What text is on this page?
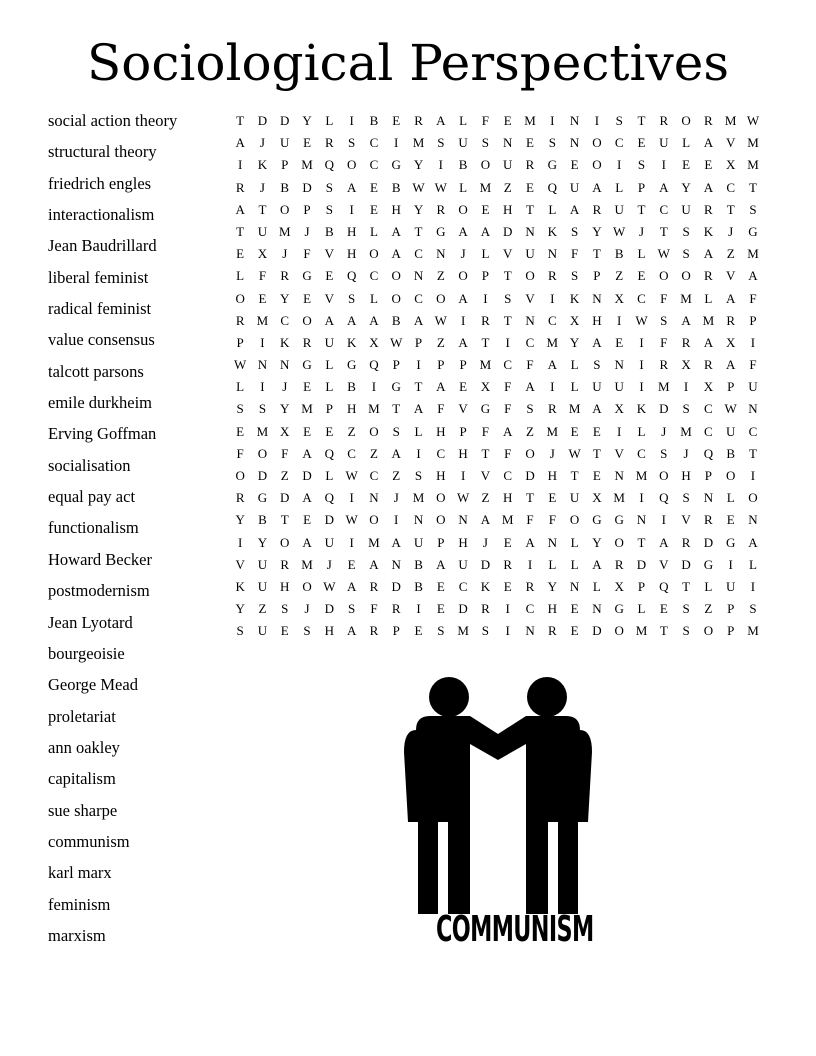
Sociological Perspectives
social action theory
structural theory
friedrich engles
interactionalism
Jean Baudrillard
liberal feminist
radical feminist
value consensus
talcott parsons
emile durkheim
Erving Goffman
socialisation
equal pay act
functionalism
Howard Becker
postmodernism
Jean Lyotard
bourgeoisie
George Mead
proletariat
ann oakley
capitalism
sue sharpe
communism
karl marx
feminism
marxism
T	D D Y	L	I	B	E	R	A	L	F	E M	I	N	I	S	T	R	O	R M W
A	J	U	E	R	S	C	I	M S	U	S	N	E	S	N O	C	E	U	L	A V M
I	K	P M Q O	C	G Y	I	B	O U	R	G	E	O	I	S	I	E	E	X M
R	J	B	D	S	A	E	B W W L M Z	E	Q U A	L	P	A Y A	C	T
A	T	O	P	S	I	E	H Y	R	O	E	H	T	L	A	R	U	T	C	U	R	T	S
T	U M	J	B	H	L	A	T	G A A D N K	S	Y W	J	T	S	K	J	G
E	X	J	F	V H O A	C	N	J	L	V U N	F	T	B	L W S	A	Z M
L	F	R	G	E	Q	C	O N	Z	O	P	T	O	R	S	P	Z	E	O O	R	V A
O	E	Y	E	V	S	L	O	C	O A	I	S	V	I	K N X	C	F M L	A	F
R M C	O A A A	B	A W	I	R	T	N	C	X H	I	W S	A M R	P
P	I	K	R	U K X W P	Z	A	T	I	C M Y A	E	I	F	R	A X	I
W N N G	L	G Q	P	I	P	P M C	F	A	L	S	N	I	R	X	R	A	F
L	I	J	E	L	B	I	G	T	A	E	X	F	A	I	L	U U	I	M	I	X	P	U
S	S	Y M P	H M T	A	F	V G	F	S	R M A X K D	S	C W N
E M X	E	E	Z	O	S	L	H	P	F	A	Z M E	E	I	L	J	M C	U	C
F	O	F	A Q	C	Z	A	I	C	H	T	F	O	J	W T	V	C	S	J	Q	B	T
O D	Z	D	L W C	Z	S	H	I	V	C	D H	T	E	N M O H	P	O	I
R	G D A Q	I	N	J	M O W Z	H	T	E	U X M	I	Q	S	N	L	O
Y	B	T	E	D W O	I	N O N A M F	F	O G G N	I	V	R	E	N
I	Y O A U	I	M A U	P	H	J	E	A N	L	Y O	T	A	R	D G A
V U	R M	J	E	A N	B	A U D	R	I	L	L	A	R	D V D G	I	L
K U H O W A	R	D	B	E	C	K	E	R	Y N	L	X	P	Q	T	L	U	I
Y	Z	S	J	D	S	F	R	I	E	D	R	I	C	H	E	N G	L	E	S	Z	P	S
S	U	E	S	H A	R	P	E	S M S	I	N	R	E	D O M T	S	O	P M
COMMUNISM
